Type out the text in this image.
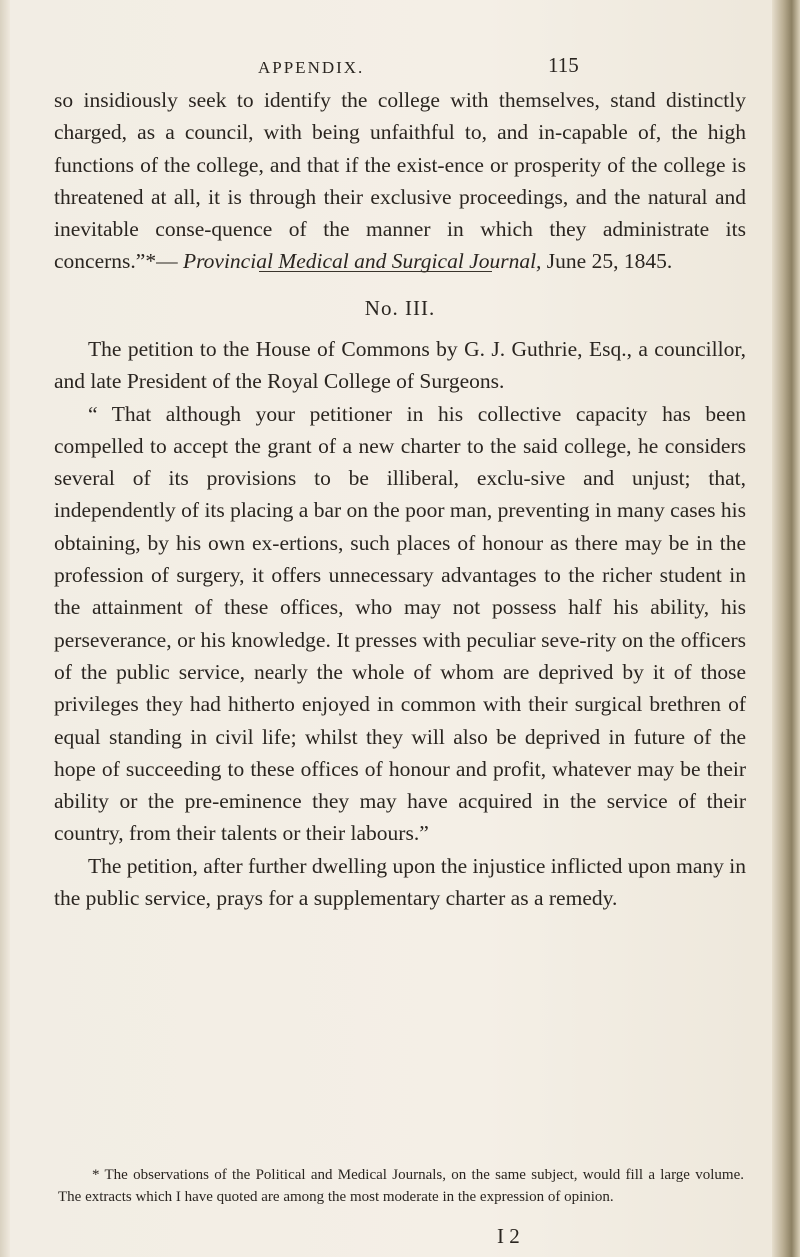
APPENDIX.	115

so insidiously seek to identify the college with themselves, stand distinctly charged, as a council, with being unfaithful to, and in-capable of, the high functions of the college, and that if the exist-ence or prosperity of the college is threatened at all, it is through their exclusive proceedings, and the natural and inevitable conse-quence of the manner in which they administrate its concerns.”*— Provincial Medical and Surgical Journal, June 25, 1845.

No. III.

The petition to the House of Commons by G. J. Guthrie, Esq., a councillor, and late President of the Royal College of Surgeons.

“ That although your petitioner in his collective capacity has been compelled to accept the grant of a new charter to the said college, he considers several of its provisions to be illiberal, exclu-sive and unjust; that, independently of its placing a bar on the poor man, preventing in many cases his obtaining, by his own ex-ertions, such places of honour as there may be in the profession of surgery, it offers unnecessary advantages to the richer student in the attainment of these offices, who may not possess half his ability, his perseverance, or his knowledge. It presses with peculiar seve-rity on the officers of the public service, nearly the whole of whom are deprived by it of those privileges they had hitherto enjoyed in common with their surgical brethren of equal standing in civil life; whilst they will also be deprived in future of the hope of succeeding to these offices of honour and profit, whatever may be their ability or the pre-eminence they may have acquired in the service of their country, from their talents or their labours.”

The petition, after further dwelling upon the injustice inflicted upon many in the public service, prays for a supplementary charter as a remedy.

* The observations of the Political and Medical Journals, on the same subject, would fill a large volume. The extracts which I have quoted are among the most moderate in the expression of opinion.

I 2
